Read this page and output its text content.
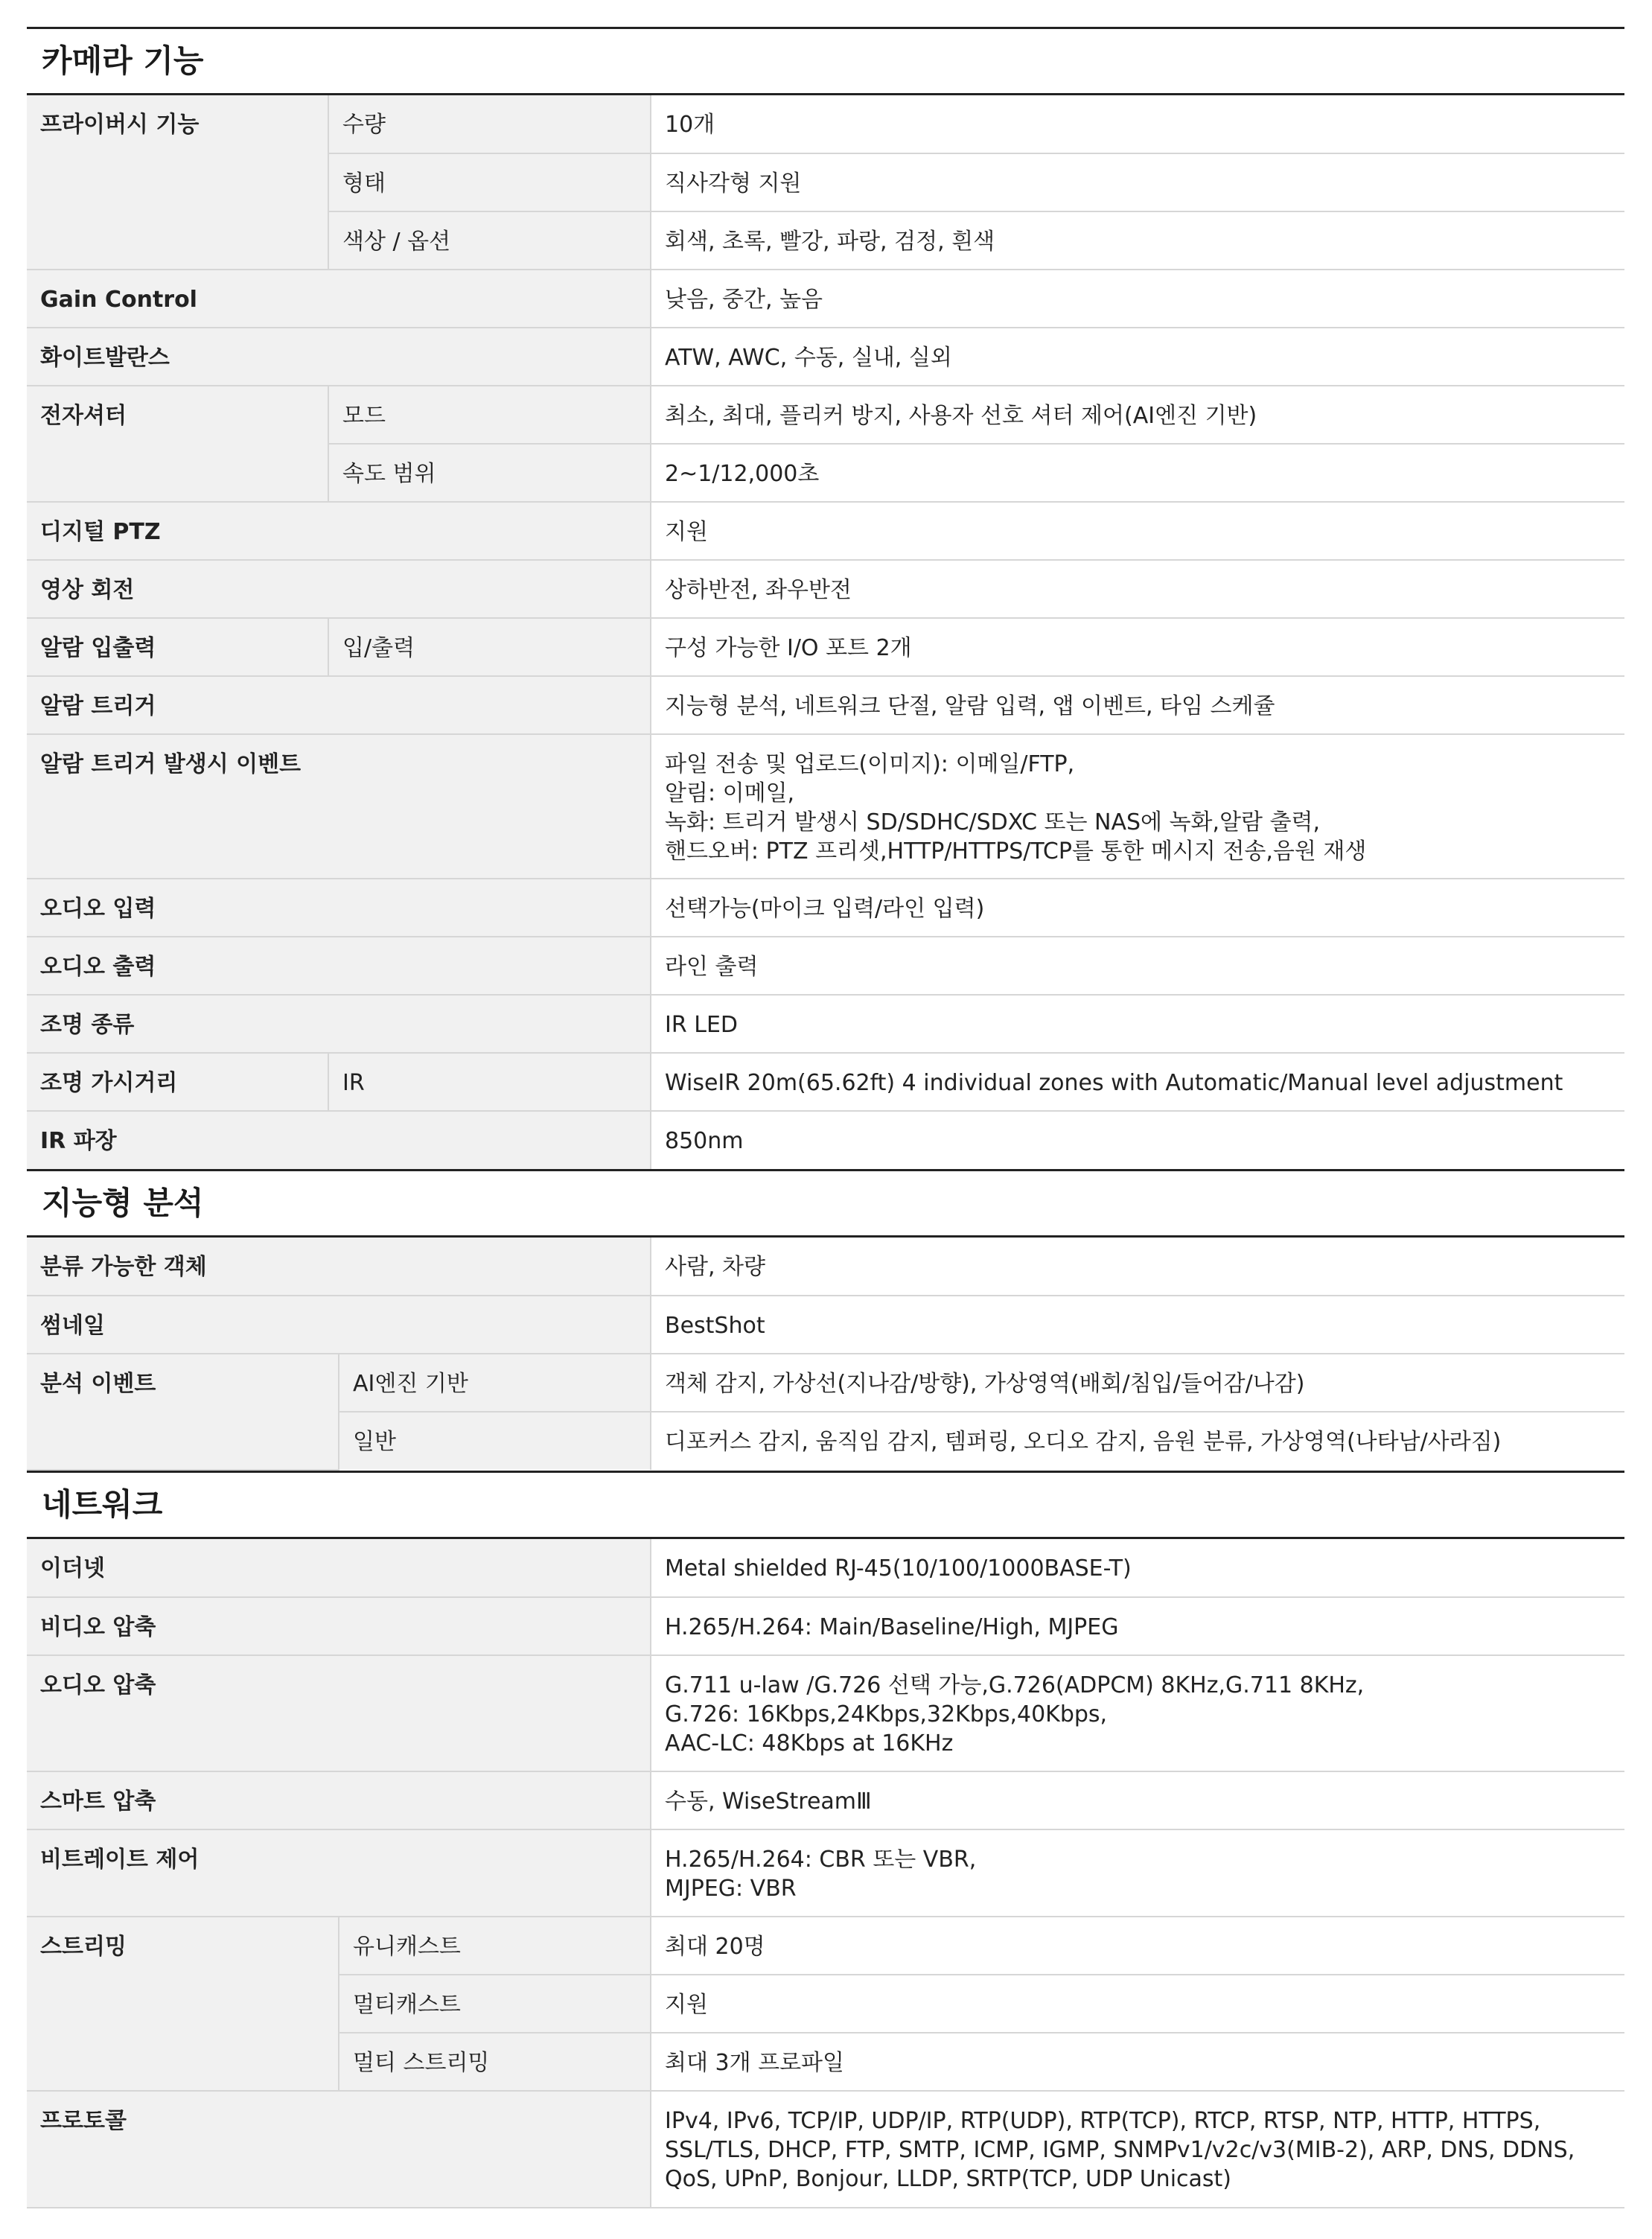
카메라 기능
프라이버시 기능	수량	10개

	형태	직사각형 지원

	색상 / 옵션	회색, 초록, 빨강, 파랑, 검정, 흰색

Gain Control		낮음, 중간, 높음

화이트발란스		ATW, AWC, 수동, 실내, 실외

전자셔터	모드	최소, 최대, 플리커 방지, 사용자 선호 셔터 제어(AI엔진 기반)

	속도 범위	2~1/12,000초

디지털 PTZ		지원

영상 회전		상하반전, 좌우반전

알람 입출력	입/출력	구성 가능한 I/O 포트 2개

알람 트리거		지능형 분석, 네트워크 단절, 알람 입력, 앱 이벤트, 타임 스케쥴

알람 트리거 발생시 이벤트		파일 전송 및 업로드(이미지): 이메일/FTP,
알림: 이메일,
녹화: 트리거 발생시 SD/SDHC/SDXC 또는 NAS에 녹화,알람 출력,
핸드오버: PTZ 프리셋,HTTP/HTTPS/TCP를 통한 메시지 전송,음원 재생

오디오 입력		선택가능(마이크 입력/라인 입력)

오디오 출력		라인 출력

조명 종류		IR LED

조명 가시거리	IR	WiseIR 20m(65.62ft) 4 individual zones with Automatic/Manual level adjustment

IR 파장		850nm
지능형 분석
분류 가능한 객체		사람, 차량

썸네일		BestShot

분석 이벤트	AI엔진 기반	객체 감지, 가상선(지나감/방향), 가상영역(배회/침입/들어감/나감)

	일반	디포커스 감지, 움직임 감지, 템퍼링, 오디오 감지, 음원 분류, 가상영역(나타남/사라짐)
네트워크
이더넷		Metal shielded RJ-45(10/100/1000BASE-T)

비디오 압축		H.265/H.264: Main/Baseline/High, MJPEG

오디오 압축		G.711 u-law /G.726 선택 가능,G.726(ADPCM) 8KHz,G.711 8KHz,
G.726: 16Kbps,24Kbps,32Kbps,40Kbps,
AAC-LC: 48Kbps at 16KHz

스마트 압축		수동, WiseStreamⅢ

비트레이트 제어		H.265/H.264: CBR 또는 VBR,
MJPEG: VBR

스트리밍	유니캐스트	최대 20명

	멀티캐스트	지원

	멀티 스트리밍	최대 3개 프로파일

프로토콜		IPv4, IPv6, TCP/IP, UDP/IP, RTP(UDP), RTP(TCP), RTCP, RTSP, NTP, HTTP, HTTPS,
SSL/TLS, DHCP, FTP, SMTP, ICMP, IGMP, SNMPv1/v2c/v3(MIB-2), ARP, DNS, DDNS,
QoS, UPnP, Bonjour, LLDP, SRTP(TCP, UDP Unicast)
